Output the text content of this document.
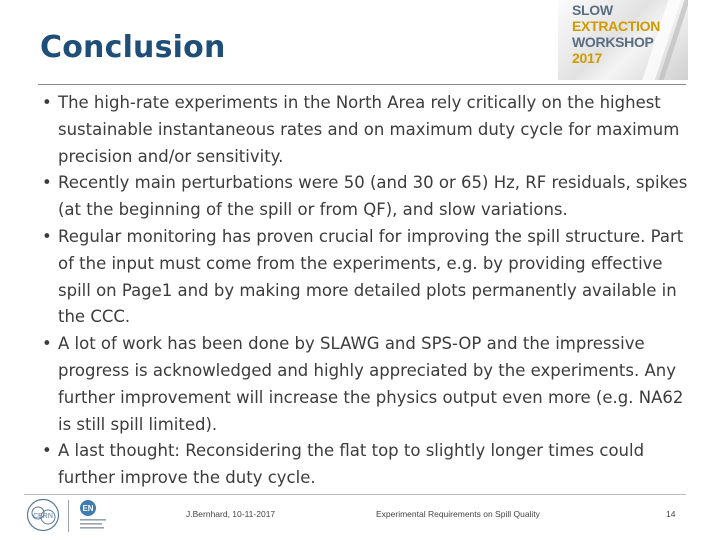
Conclusion
SLOW
EXTRACTION
WORKSHOP
2017
• The high-rate experiments in the North Area rely critically on the highest sustainable instantaneous rates and on maximum duty cycle for maximum precision and/or sensitivity.
• Recently main perturbations were 50 (and 30 or 65) Hz, RF residuals, spikes (at the beginning of the spill or from QF), and slow variations.
• Regular monitoring has proven crucial for improving the spill structure. Part of the input must come from the experiments, e.g. by providing effective spill on Page1 and by making more detailed plots permanently available in the CCC.
• A lot of work has been done by SLAWG and SPS-OP and the impressive progress is acknowledged and highly appreciated by the experiments. Any further improvement will increase the physics output even more (e.g. NA62 is still spill limited).
• A last thought: Reconsidering the flat top to slightly longer times could further improve the duty cycle.
CERN
EN
J.Bernhard, 10-11-2017	Experimental Requirements on Spill Quality	14
